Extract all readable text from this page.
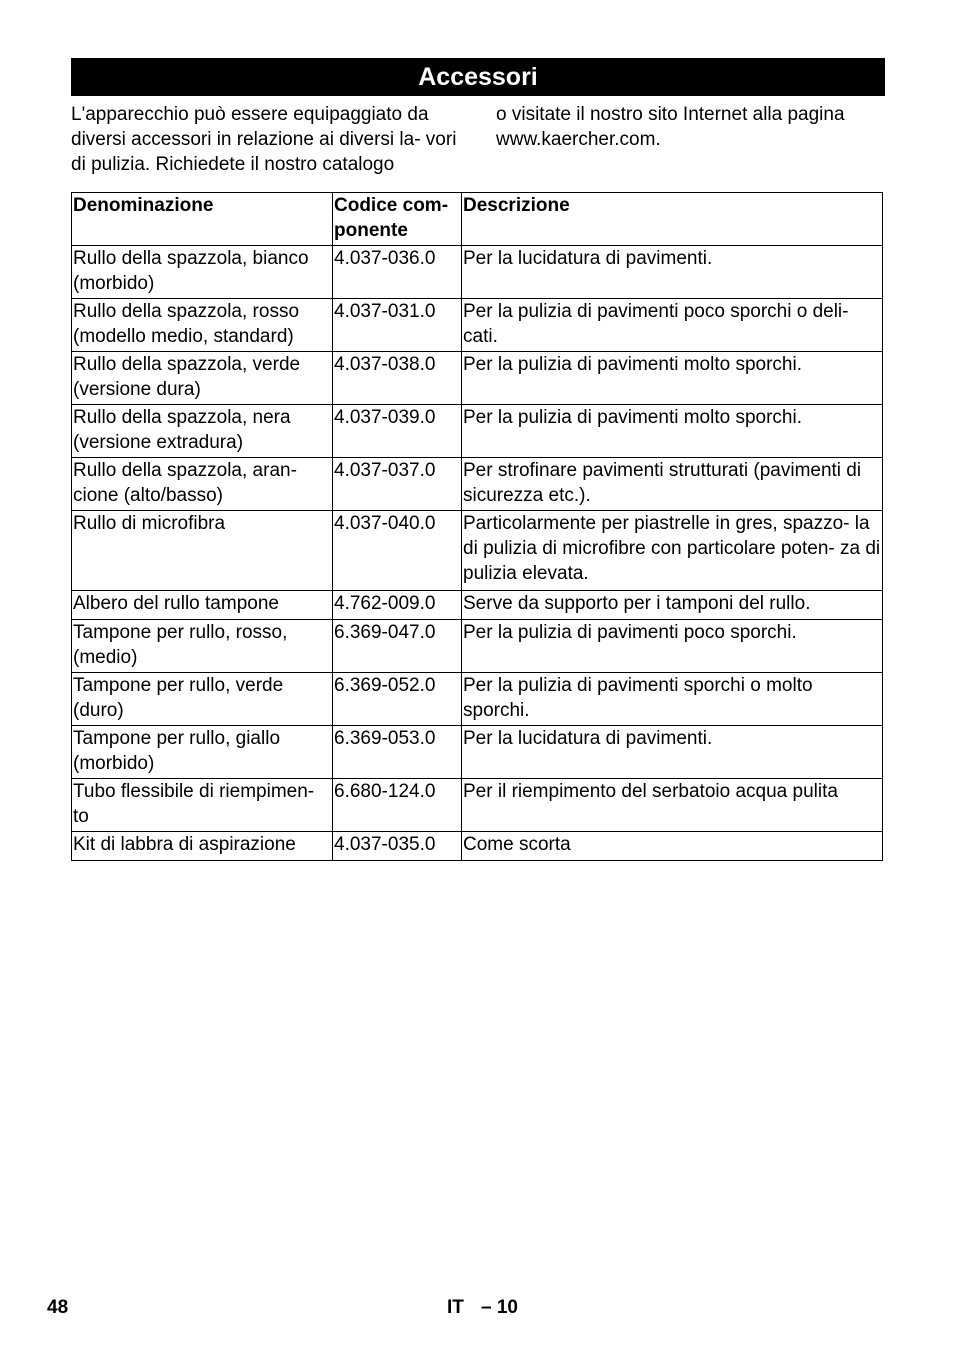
Accessori
L'apparecchio può essere equipaggiato da diversi accessori in relazione ai diversi la- vori di pulizia. Richiedete il nostro catalogo
o visitate il nostro sito Internet alla pagina www.kaercher.com.
Denominazione	Codice com- ponente	Descrizione
Rullo della spazzola, bianco (morbido)	4.037-036.0	Per la lucidatura di pavimenti.
Rullo della spazzola, rosso (modello medio, standard)	4.037-031.0	Per la pulizia di pavimenti poco sporchi o deli- cati.
Rullo della spazzola, verde (versione dura)	4.037-038.0	Per la pulizia di pavimenti molto sporchi.
Rullo della spazzola, nera (versione extradura)	4.037-039.0	Per la pulizia di pavimenti molto sporchi.
Rullo della spazzola, aran- cione (alto/basso)	4.037-037.0	Per strofinare pavimenti strutturati (pavimenti di sicurezza etc.).
Rullo di microfibra	4.037-040.0	Particolarmente per piastrelle in gres, spazzo- la di pulizia di microfibre con particolare poten- za di pulizia elevata.
Albero del rullo tampone	4.762-009.0	Serve da supporto per i tamponi del rullo.
Tampone per rullo, rosso, (medio)	6.369-047.0	Per la pulizia di pavimenti poco sporchi.
Tampone per rullo, verde (duro)	6.369-052.0	Per la pulizia di pavimenti sporchi o molto sporchi.
Tampone per rullo, giallo (morbido)	6.369-053.0	Per la lucidatura di pavimenti.
Tubo flessibile di riempimen- to	6.680-124.0	Per il riempimento del serbatoio acqua pulita
Kit di labbra di aspirazione	4.037-035.0	Come scorta
48	IT – 10
